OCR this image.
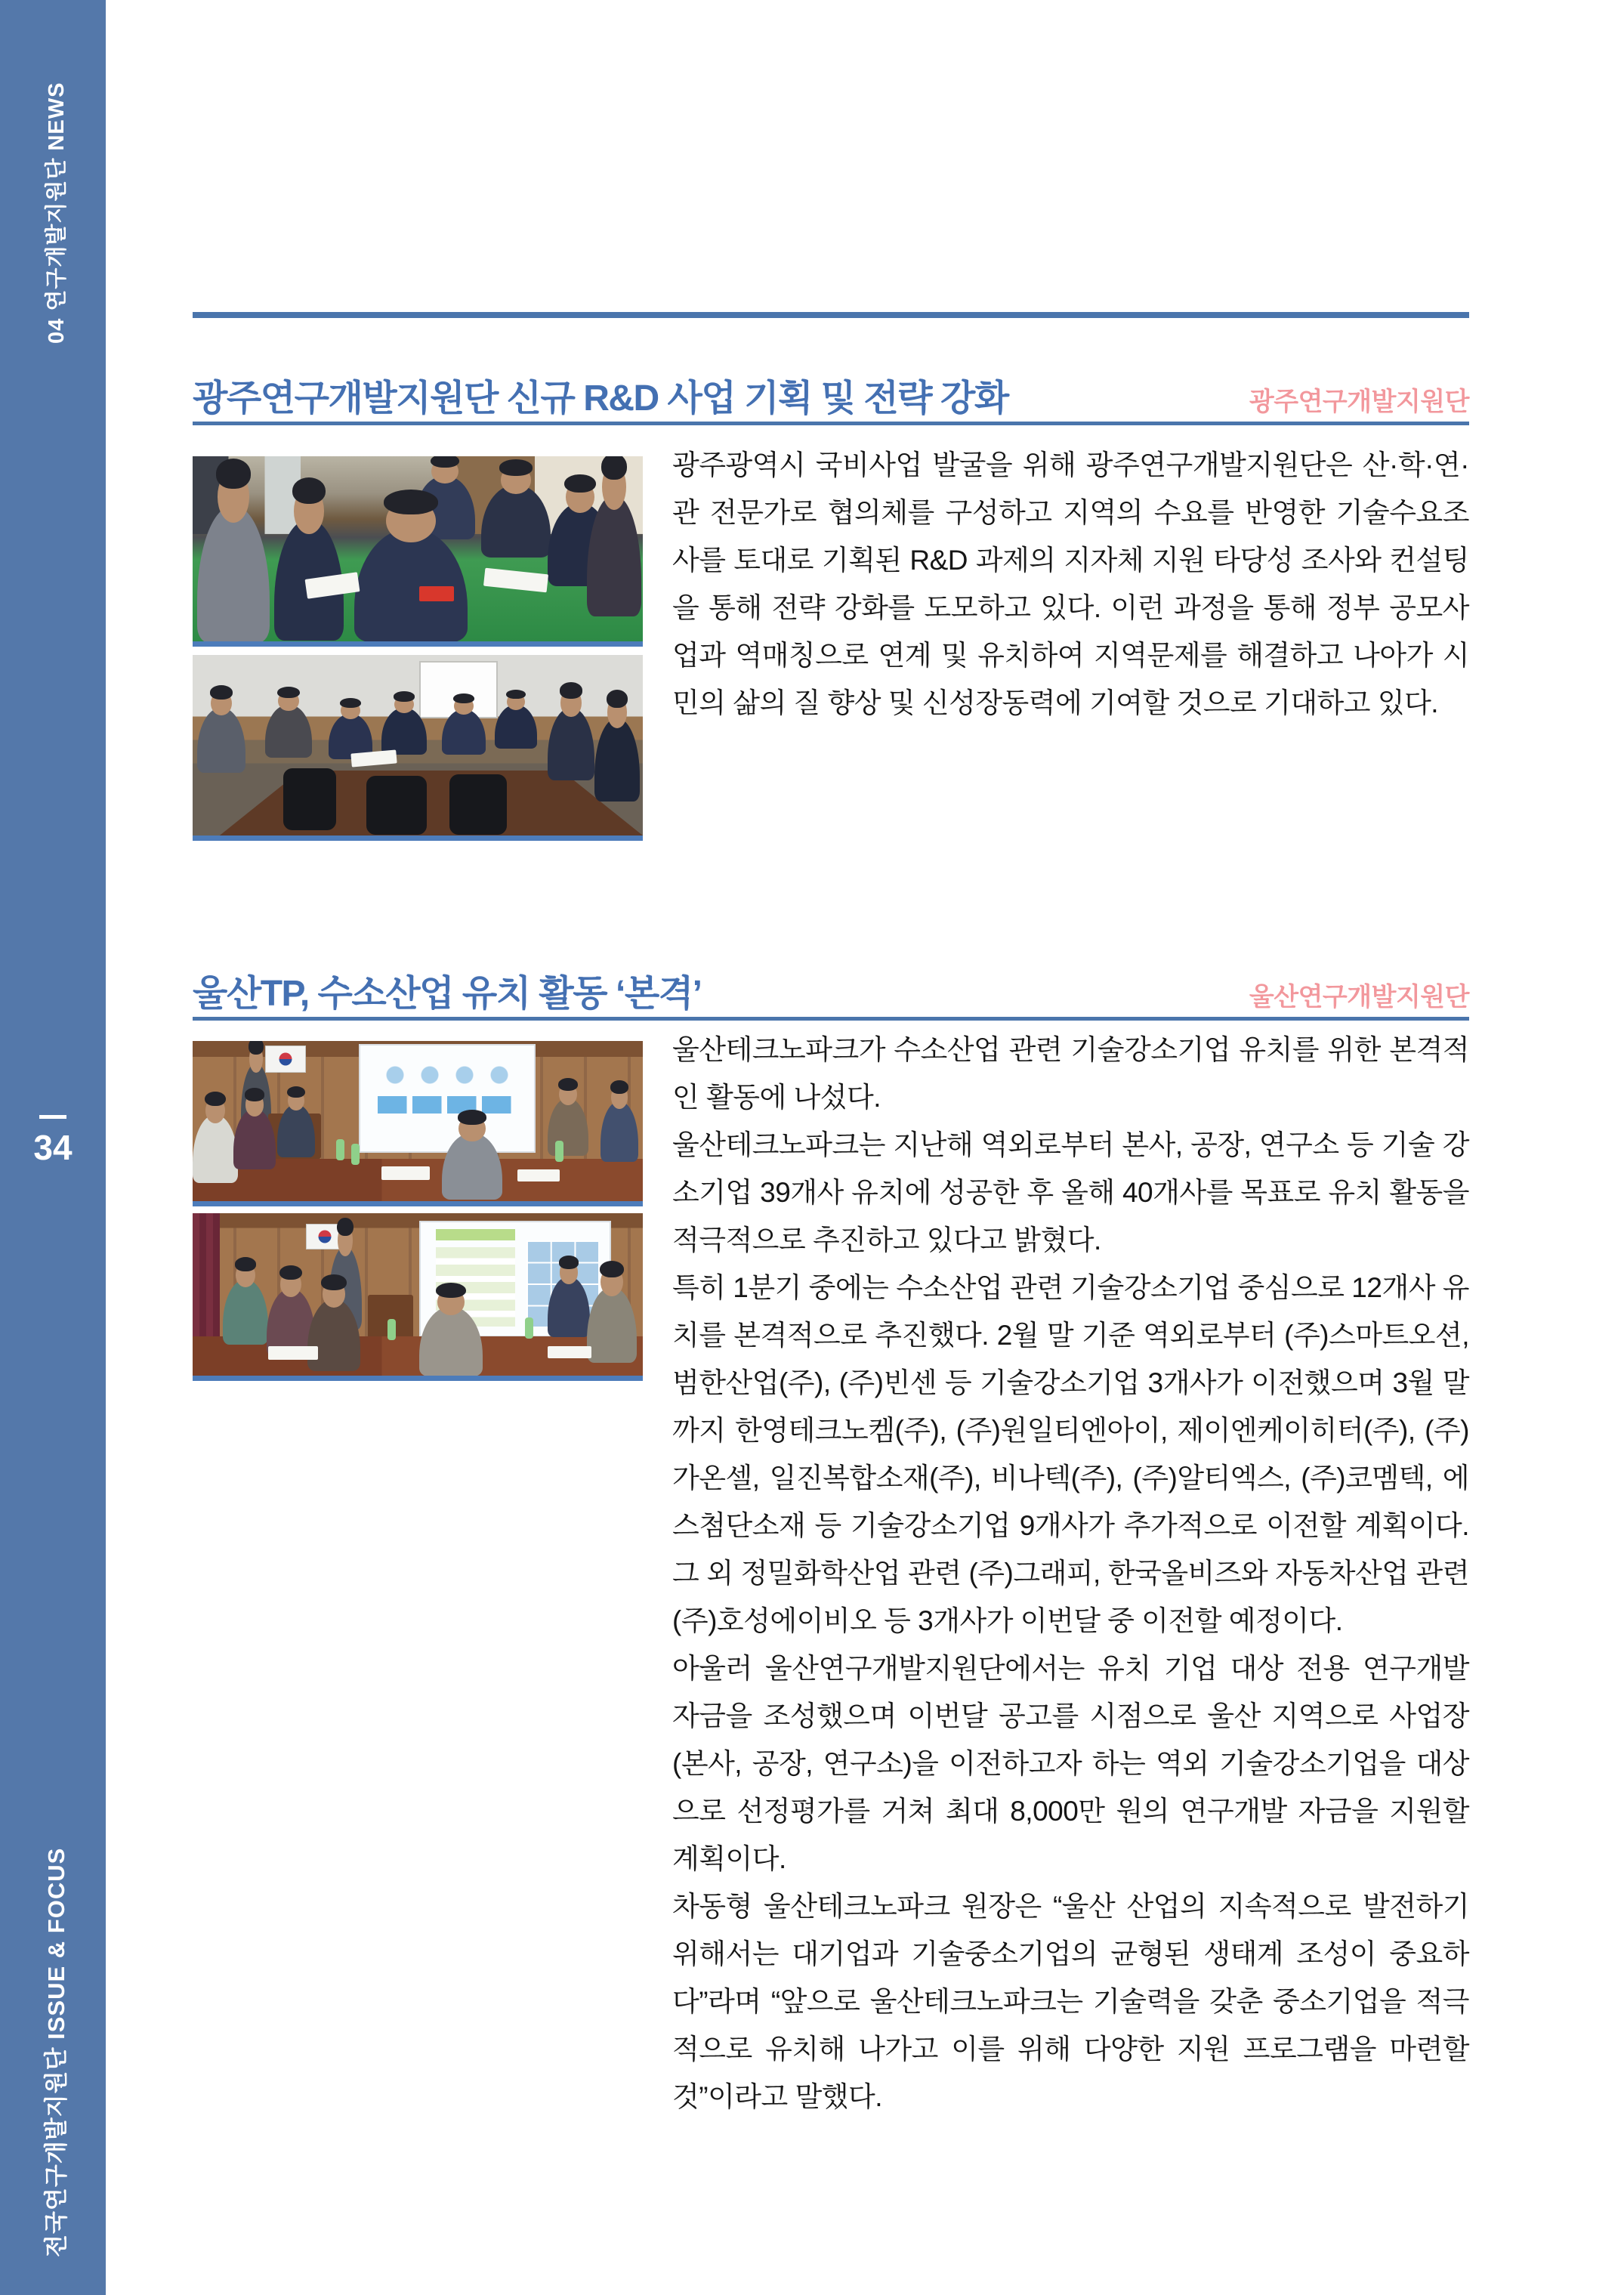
04 연구개발지원단 NEWS
34
전국연구개발지원단 ISSUE & FOCUS
광주연구개발지원단 신규 R&D 사업 기획 및 전략 강화	광주연구개발지원단

광주광역시 국비사업 발굴을 위해 광주연구개발지원단은 산·학·연·관 전문가로 협의체를 구성하고 지역의 수요를 반영한 기술수요조사를 토대로 기획된 R&D 과제의 지자체 지원 타당성 조사와 컨설팅을 통해 전략 강화를 도모하고 있다. 이런 과정을 통해 정부 공모사업과 역매칭으로 연계 및 유치하여 지역문제를 해결하고 나아가 시민의 삶의 질 향상 및 신성장동력에 기여할 것으로 기대하고 있다.

울산TP, 수소산업 유치 활동 ‘본격’	울산연구개발지원단

울산테크노파크가 수소산업 관련 기술강소기업 유치를 위한 본격적인 활동에 나섰다.

울산테크노파크는 지난해 역외로부터 본사, 공장, 연구소 등 기술 강소기업 39개사 유치에 성공한 후 올해 40개사를 목표로 유치 활동을 적극적으로 추진하고 있다고 밝혔다.

특히 1분기 중에는 수소산업 관련 기술강소기업 중심으로 12개사 유치를 본격적으로 추진했다. 2월 말 기준 역외로부터 (주)스마트오션, 범한산업(주), (주)빈센 등 기술강소기업 3개사가 이전했으며 3월 말까지 한영테크노켐(주), (주)원일티엔아이, 제이엔케이히터(주), (주)가온셀, 일진복합소재(주), 비나텍(주), (주)알티엑스, (주)코멤텍, 에스첨단소재 등 기술강소기업 9개사가 추가적으로 이전할 계획이다. 그 외 정밀화학산업 관련 (주)그래피, 한국올비즈와 자동차산업 관련 (주)호성에이비오 등 3개사가 이번달 중 이전할 예정이다.

아울러 울산연구개발지원단에서는 유치 기업 대상 전용 연구개발 자금을 조성했으며 이번달 공고를 시점으로 울산 지역으로 사업장(본사, 공장, 연구소)을 이전하고자 하는 역외 기술강소기업을 대상으로 선정평가를 거쳐 최대 8,000만 원의 연구개발 자금을 지원할 계획이다.

차동형 울산테크노파크 원장은 “울산 산업의 지속적으로 발전하기 위해서는 대기업과 기술중소기업의 균형된 생태계 조성이 중요하다”라며 “앞으로 울산테크노파크는 기술력을 갖춘 중소기업을 적극적으로 유치해 나가고 이를 위해 다양한 지원 프로그램을 마련할 것”이라고 말했다.
